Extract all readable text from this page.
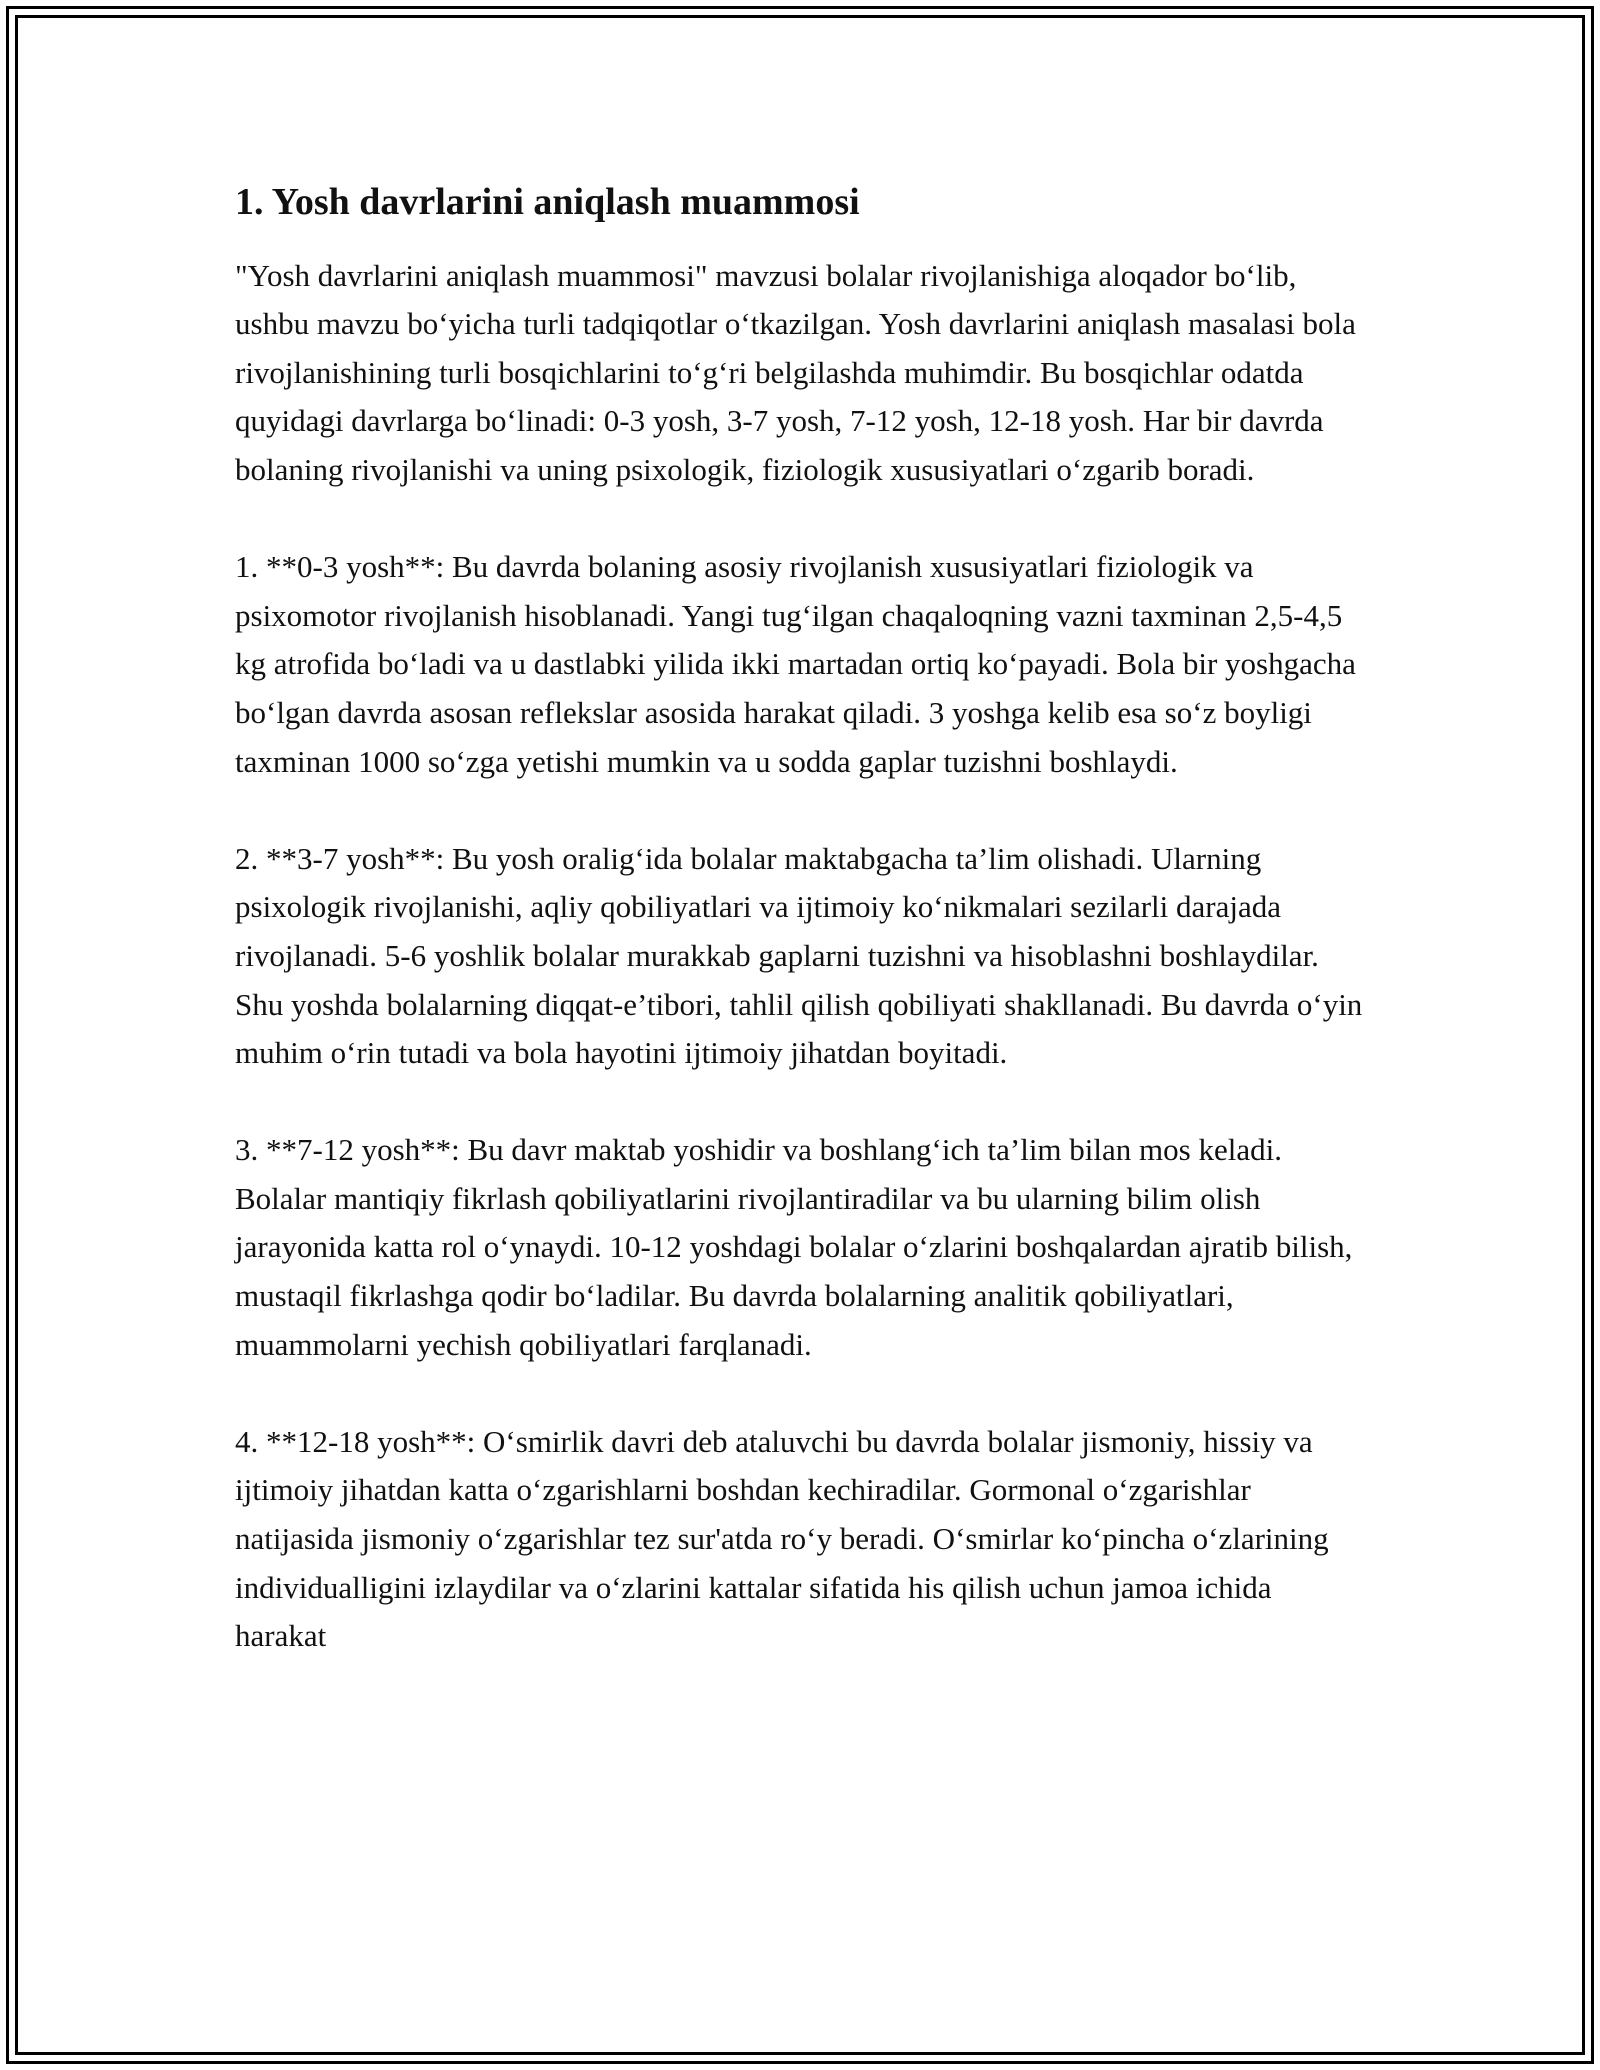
1. Yosh davrlarini aniqlash muammosi

"Yosh davrlarini aniqlash muammosi" mavzusi bolalar rivojlanishiga aloqador bo‘lib, ushbu mavzu bo‘yicha turli tadqiqotlar o‘tkazilgan. Yosh davrlarini aniqlash masalasi bola rivojlanishining turli bosqichlarini to‘g‘ri belgilashda muhimdir. Bu bosqichlar odatda quyidagi davrlarga bo‘linadi: 0-3 yosh, 3-7 yosh, 7-12 yosh, 12-18 yosh. Har bir davrda bolaning rivojlanishi va uning psixologik, fiziologik xususiyatlari o‘zgarib boradi.

1. **0-3 yosh**: Bu davrda bolaning asosiy rivojlanish xususiyatlari fiziologik va psixomotor rivojlanish hisoblanadi. Yangi tug‘ilgan chaqaloqning vazni taxminan 2,5-4,5 kg atrofida bo‘ladi va u dastlabki yilida ikki martadan ortiq ko‘payadi. Bola bir yoshgacha bo‘lgan davrda asosan reflekslar asosida harakat qiladi. 3 yoshga kelib esa so‘z boyligi taxminan 1000 so‘zga yetishi mumkin va u sodda gaplar tuzishni boshlaydi.

2. **3-7 yosh**: Bu yosh oralig‘ida bolalar maktabgacha ta’lim olishadi. Ularning psixologik rivojlanishi, aqliy qobiliyatlari va ijtimoiy ko‘nikmalari sezilarli darajada rivojlanadi. 5-6 yoshlik bolalar murakkab gaplarni tuzishni va hisoblashni boshlaydilar. Shu yoshda bolalarning diqqat-e’tibori, tahlil qilish qobiliyati shakllanadi. Bu davrda o‘yin muhim o‘rin tutadi va bola hayotini ijtimoiy jihatdan boyitadi.

3. **7-12 yosh**: Bu davr maktab yoshidir va boshlang‘ich ta’lim bilan mos keladi. Bolalar mantiqiy fikrlash qobiliyatlarini rivojlantiradilar va bu ularning bilim olish jarayonida katta rol o‘ynaydi. 10-12 yoshdagi bolalar o‘zlarini boshqalardan ajratib bilish, mustaqil fikrlashga qodir bo‘ladilar. Bu davrda bolalarning analitik qobiliyatlari, muammolarni yechish qobiliyatlari farqlanadi.

4. **12-18 yosh**: O‘smirlik davri deb ataluvchi bu davrda bolalar jismoniy, hissiy va ijtimoiy jihatdan katta o‘zgarishlarni boshdan kechiradilar. Gormonal o‘zgarishlar natijasida jismoniy o‘zgarishlar tez sur'atda ro‘y beradi. O‘smirlar ko‘pincha o‘zlarining individualligini izlaydilar va o‘zlarini kattalar sifatida his qilish uchun jamoa ichida harakat
